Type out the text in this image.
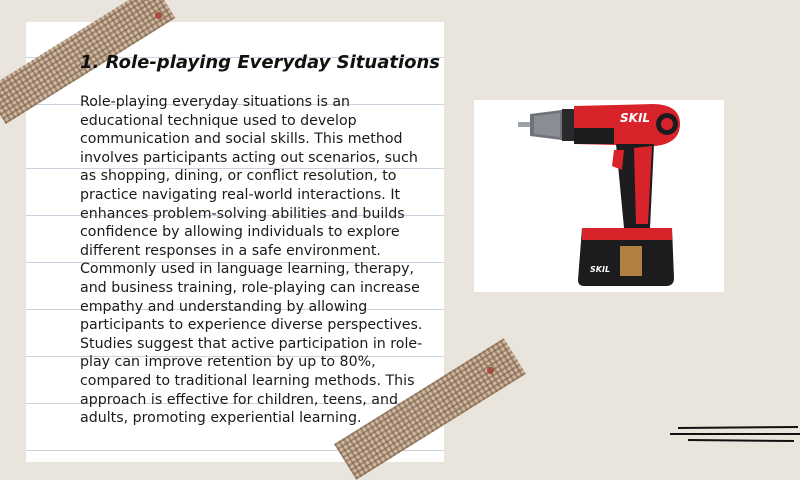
1. Role-playing Everyday Situations

Role-playing everyday situations is an educational technique used to develop communication and social skills. This method involves participants acting out scenarios, such as shopping, dining, or conflict resolution, to practice navigating real-world interactions. It enhances problem-solving abilities and builds confidence by allowing individuals to explore different responses in a safe environment. Commonly used in language learning, therapy, and business training, role-playing can increase empathy and understanding by allowing participants to experience diverse perspectives. Studies suggest that active participation in role-play can improve retention by up to 80%, compared to traditional learning methods. This approach is effective for children, teens, and adults, promoting experiential learning.

SKIL
SKIL
